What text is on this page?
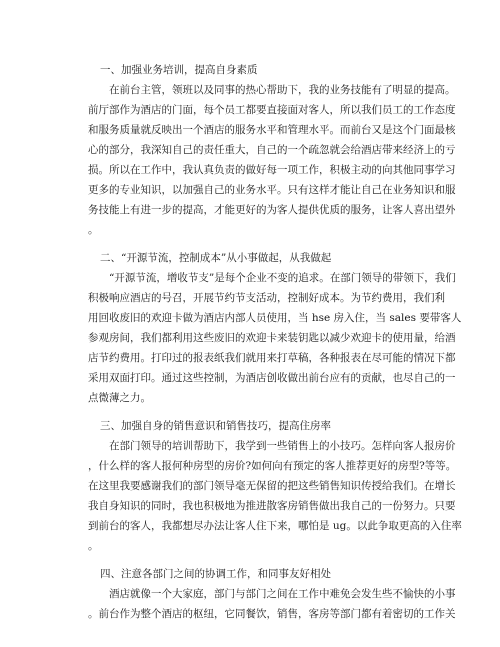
一、加强业务培训，提高自身素质

在前台主管，领班以及同事的热心帮助下，我的业务技能有了明显的提高。
前厅部作为酒店的门面，每个员工都要直接面对客人，所以我们员工的工作态度
和服务质量就反映出一个酒店的服务水平和管理水平。而前台又是这个门面最核
心的部分，我深知自己的责任重大，自己的一个疏忽就会给酒店带来经济上的亏
损。所以在工作中，我认真负责的做好每一项工作，积极主动的向其他同事学习
更多的专业知识，以加强自己的业务水平。只有这样才能让自己在业务知识和服
务技能上有进一步的提高，才能更好的为客人提供优质的服务，让客人喜出望外
。

二、“开源节流，控制成本”从小事做起，从我做起

“开源节流，增收节支”是每个企业不变的追求。在部门领导的带领下，我们
积极响应酒店的号召，开展节约节支活动，控制好成本。为节约费用，我们利
用回收废旧的欢迎卡做为酒店内部人员使用，当 hse 房入住，当 sales 要带客人
参观房间，我们都利用这些废旧的欢迎卡来装钥匙以减少欢迎卡的使用量，给酒
店节约费用。打印过的报表纸我们就用来打草稿，各种报表在尽可能的情况下都
采用双面打印。通过这些控制，为酒店创收做出前台应有的贡献，也尽自己的一
点微薄之力。

三、加强自身的销售意识和销售技巧，提高住房率

在部门领导的培训帮助下，我学到一些销售上的小技巧。怎样向客人报房价
，什么样的客人报何种房型的房价?如何向有预定的客人推荐更好的房型?等等。
在这里我要感谢我们的部门领导毫无保留的把这些销售知识传授给我们。在增长
我自身知识的同时，我也积极地为推进散客房销售做出我自己的一份努力。只要
到前台的客人，我都想尽办法让客人住下来，哪怕是 ug。以此争取更高的入住率
。

四、注意各部门之间的协调工作，和同事友好相处

酒店就像一个大家庭，部门与部门之间在工作中难免会发生些不愉快的小事
。前台作为整个酒店的枢纽，它同餐饮，销售，客房等部门都有着密切的工作关
